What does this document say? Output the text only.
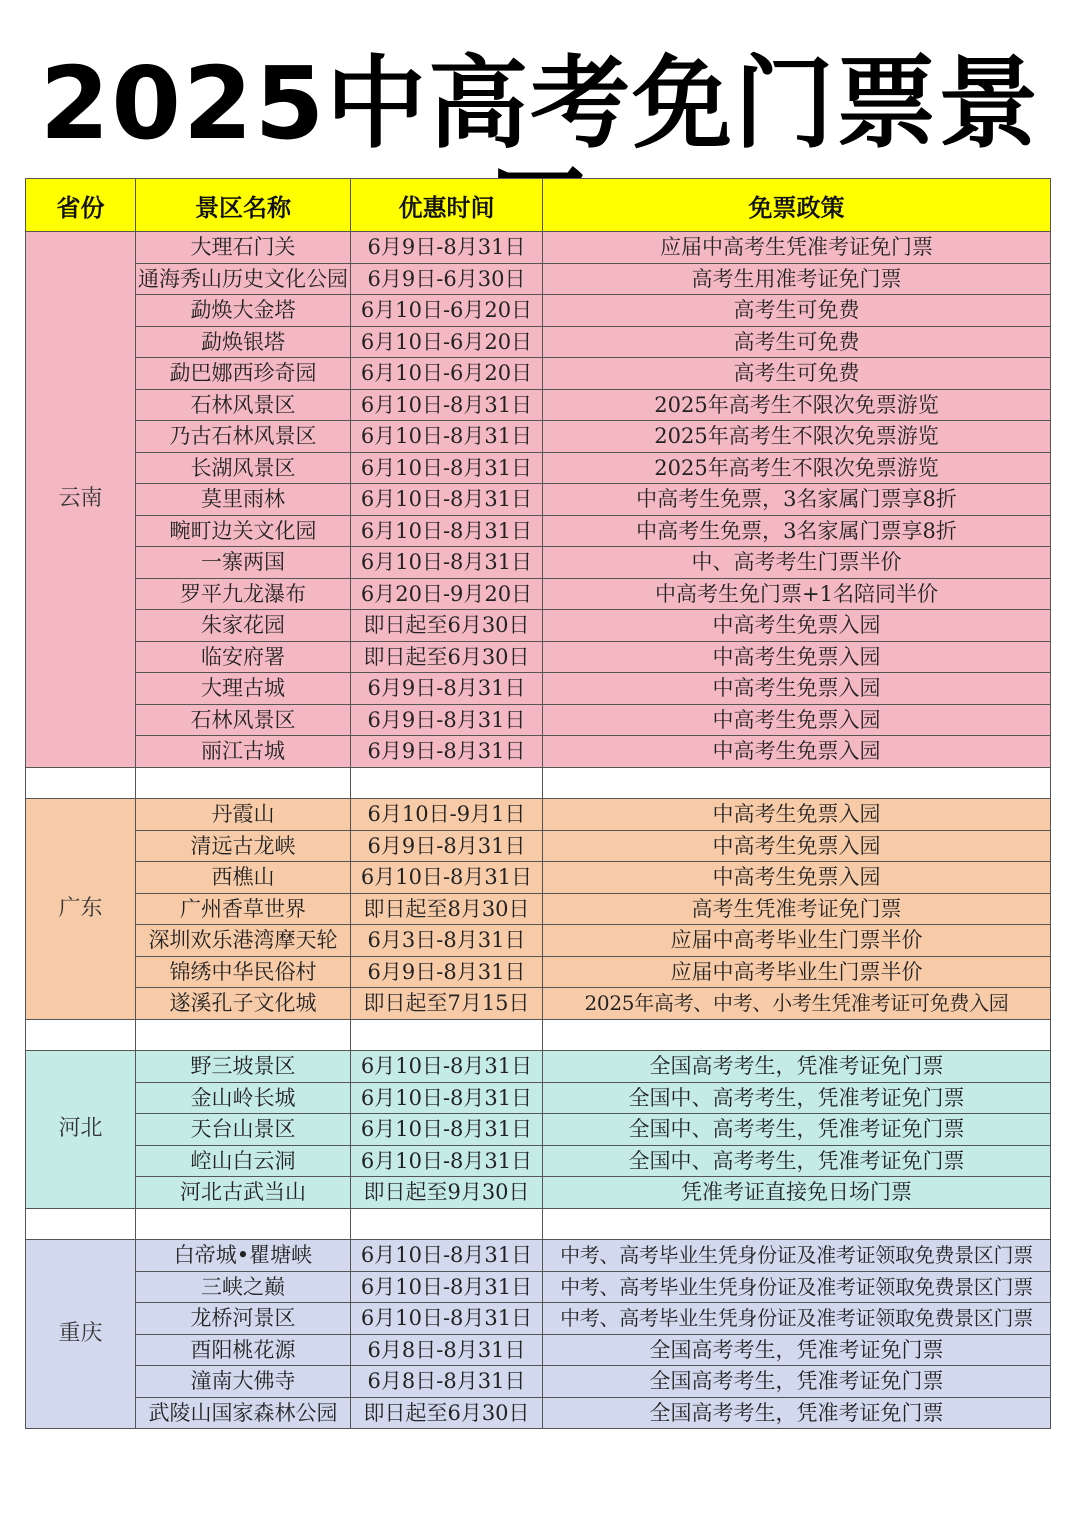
2025中高考免门票景
省份	景区名称	优惠时间	免票政策
云南	大理石门关	6月9日-8月31日	应届中高考生凭准考证免门票
	通海秀山历史文化公园	6月9日-6月30日	高考生用准考证免门票
	勐焕大金塔	6月10日-6月20日	高考生可免费
	勐焕银塔	6月10日-6月20日	高考生可免费
	勐巴娜西珍奇园	6月10日-6月20日	高考生可免费
	石林风景区	6月10日-8月31日	2025年高考生不限次免票游览
	乃古石林风景区	6月10日-8月31日	2025年高考生不限次免票游览
	长湖风景区	6月10日-8月31日	2025年高考生不限次免票游览
	莫里雨林	6月10日-8月31日	中高考生免票，3名家属门票享8折
	畹町边关文化园	6月10日-8月31日	中高考生免票，3名家属门票享8折
	一寨两国	6月10日-8月31日	中、高考考生门票半价
	罗平九龙瀑布	6月20日-9月20日	中高考生免门票+1名陪同半价
	朱家花园	即日起至6月30日	中高考生免票入园
	临安府署	即日起至6月30日	中高考生免票入园
	大理古城	6月9日-8月31日	中高考生免票入园
	石林风景区	6月9日-8月31日	中高考生免票入园
	丽江古城	6月9日-8月31日	中高考生免票入园

广东	丹霞山	6月10日-9月1日	中高考生免票入园
	清远古龙峡	6月9日-8月31日	中高考生免票入园
	西樵山	6月10日-8月31日	中高考生免票入园
	广州香草世界	即日起至8月30日	高考生凭准考证免门票
	深圳欢乐港湾摩天轮	6月3日-8月31日	应届中高考毕业生门票半价
	锦绣中华民俗村	6月9日-8月31日	应届中高考毕业生门票半价
	遂溪孔子文化城	即日起至7月15日	2025年高考、中考、小考生凭准考证可免费入园

河北	野三坡景区	6月10日-8月31日	全国高考考生，凭准考证免门票
	金山岭长城	6月10日-8月31日	全国中、高考考生，凭准考证免门票
	天台山景区	6月10日-8月31日	全国中、高考考生，凭准考证免门票
	崆山白云洞	6月10日-8月31日	全国中、高考考生，凭准考证免门票
	河北古武当山	即日起至9月30日	凭准考证直接免日场门票

重庆	白帝城•瞿塘峡	6月10日-8月31日	中考、高考毕业生凭身份证及准考证领取免费景区门票
	三峡之巅	6月10日-8月31日	中考、高考毕业生凭身份证及准考证领取免费景区门票
	龙桥河景区	6月10日-8月31日	中考、高考毕业生凭身份证及准考证领取免费景区门票
	酉阳桃花源	6月8日-8月31日	全国高考考生，凭准考证免门票
	潼南大佛寺	6月8日-8月31日	全国高考考生，凭准考证免门票
	武陵山国家森林公园	即日起至6月30日	全国高考考生，凭准考证免门票
